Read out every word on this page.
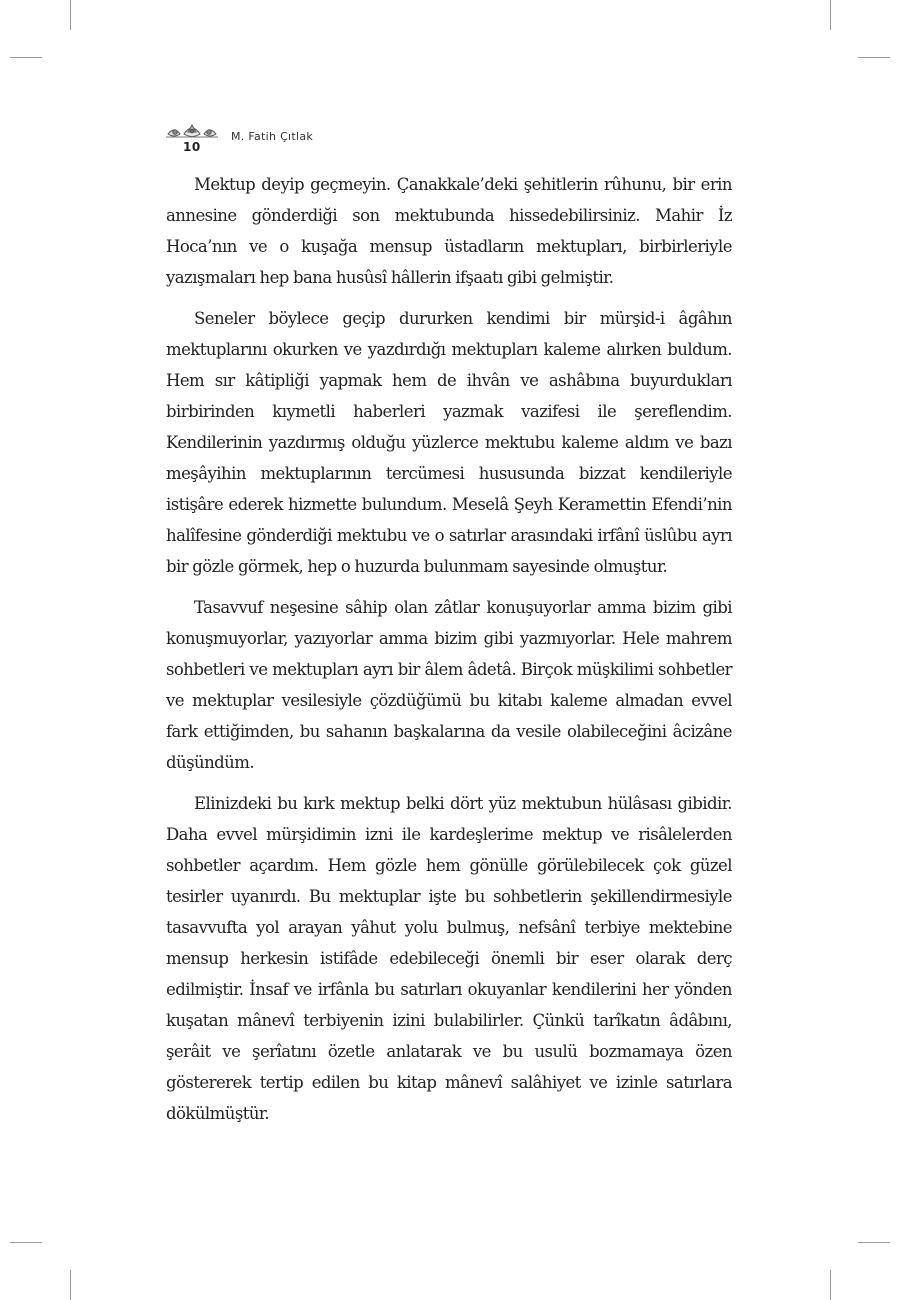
10
M. Fatih Çıtlak

Mektup deyip geçmeyin. Çanakkale’deki şehitlerin rûhunu, bir erin annesine gönderdiği son mektubunda hissedebilirsiniz. Mahir İz Hoca’nın ve o kuşağa mensup üstadların mektupları, birbirleriyle yazışmaları hep bana husûsî hâllerin ifşaatı gibi gelmiştir.

Seneler böylece geçip dururken kendimi bir mürşid-i âgâhın mektuplarını okurken ve yazdırdığı mektupları kaleme alırken buldum. Hem sır kâtipliği yapmak hem de ihvân ve ashâbına buyurdukları birbirinden kıymetli haberleri yazmak vazifesi ile şereflendim. Kendilerinin yazdırmış olduğu yüzlerce mektubu kaleme aldım ve bazı meşâyihin mektuplarının tercümesi hususunda bizzat kendileriyle istişâre ederek hizmette bulundum. Meselâ Şeyh Keramettin Efendi’nin halîfesine gönderdiği mektubu ve o satırlar arasındaki irfânî üslûbu ayrı bir gözle görmek, hep o huzurda bulunmam sayesinde olmuştur.

Tasavvuf neşesine sâhip olan zâtlar konuşuyorlar amma bizim gibi konuşmuyorlar, yazıyorlar amma bizim gibi yazmıyorlar. Hele mahrem sohbetleri ve mektupları ayrı bir âlem âdetâ. Birçok müşkilimi sohbetler ve mektuplar vesilesiyle çözdüğümü bu kitabı kaleme almadan evvel fark ettiğimden, bu sahanın başkalarına da vesile olabileceğini âcizâne düşündüm.

Elinizdeki bu kırk mektup belki dört yüz mektubun hülâsası gibidir. Daha evvel mürşidimin izni ile kardeşlerime mektup ve risâlelerden sohbetler açardım. Hem gözle hem gönülle görülebilecek çok güzel tesirler uyanırdı. Bu mektuplar işte bu sohbetlerin şekillendirmesiyle tasavvufta yol arayan yâhut yolu bulmuş, nefsânî terbiye mektebine mensup herkesin istifâde edebileceği önemli bir eser olarak derç edilmiştir. İnsaf ve irfânla bu satırları okuyanlar kendilerini her yönden kuşatan mânevî terbiyenin izini bulabilirler. Çünkü tarîkatın âdâbını, şerâit ve şerîatını özetle anlatarak ve bu usulü bozmamaya özen göstererek tertip edilen bu kitap mânevî salâhiyet ve izinle satırlara dökülmüştür.
